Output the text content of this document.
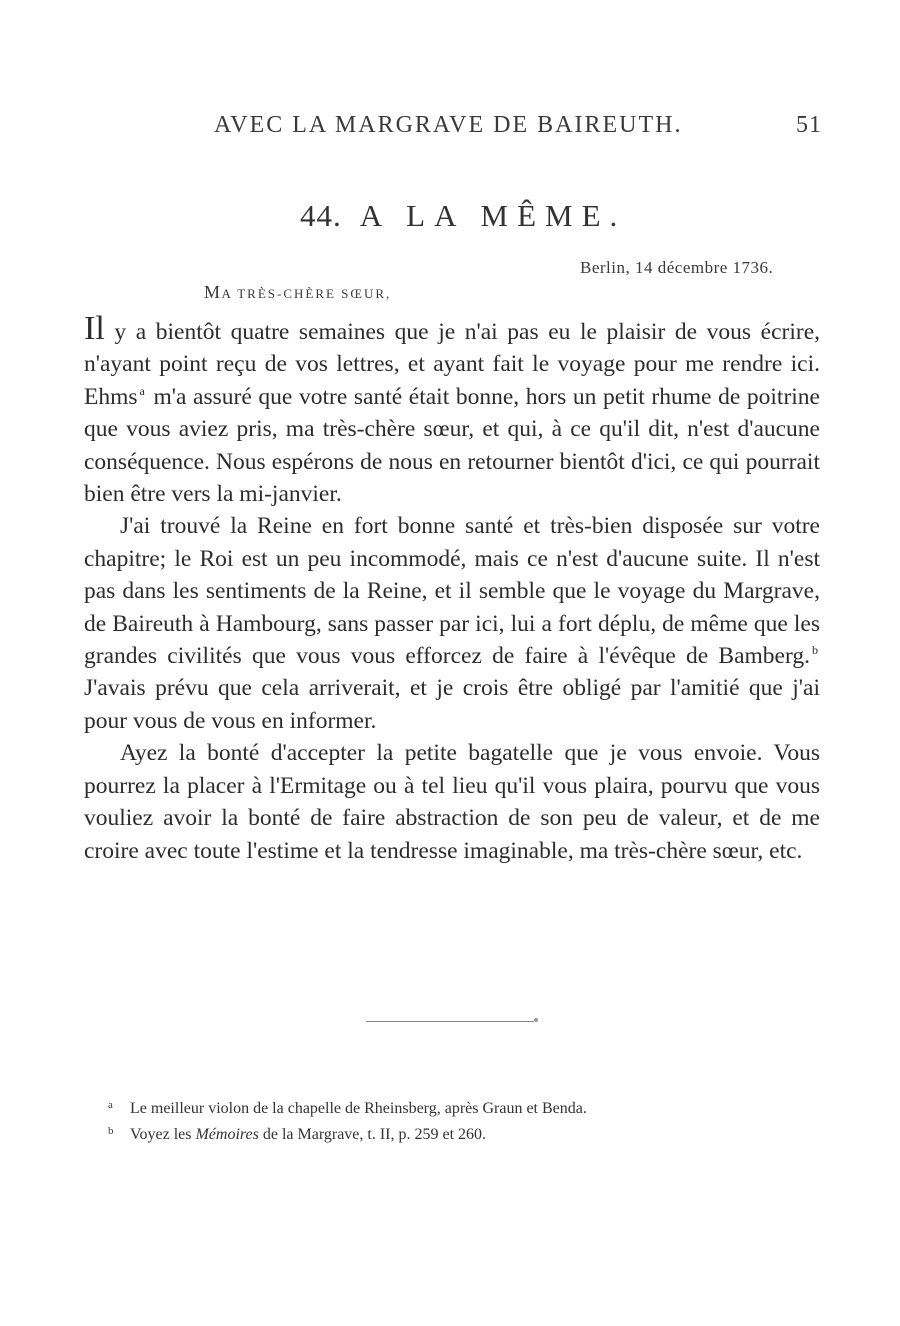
AVEC LA MARGRAVE DE BAIREUTH.	51
44. A LA MÊME.
Berlin, 14 décembre 1736.
MA TRÈS-CHÈRE SŒUR,

Il y a bientôt quatre semaines que je n'ai pas eu le plaisir de vous écrire, n'ayant point reçu de vos lettres, et ayant fait le voyage pour me rendre ici. Ehms $^a$ m'a assuré que votre santé était bonne, hors un petit rhume de poitrine que vous aviez pris, ma très-chère sœur, et qui, à ce qu'il dit, n'est d'aucune conséquence. Nous espérons de nous en retourner bientôt d'ici, ce qui pourrait bien être vers la mi-janvier.

J'ai trouvé la Reine en fort bonne santé et très-bien disposée sur votre chapitre; le Roi est un peu incommodé, mais ce n'est d'aucune suite. Il n'est pas dans les sentiments de la Reine, et il semble que le voyage du Margrave, de Baireuth à Hambourg, sans passer par ici, lui a fort déplu, de même que les grandes civilités que vous vous efforcez de faire à l'évêque de Bamberg. $^b$ J'avais prévu que cela arriverait, et je crois être obligé par l'amitié que j'ai pour vous de vous en informer.

Ayez la bonté d'accepter la petite bagatelle que je vous envoie. Vous pourrez la placer à l'Ermitage ou à tel lieu qu'il vous plaira, pourvu que vous vouliez avoir la bonté de faire abstraction de son peu de valeur, et de me croire avec toute l'estime et la tendresse imaginable, ma très-chère sœur, etc.

a Le meilleur violon de la chapelle de Rheinsberg, après Graun et Benda.

b Voyez les Mémoires de la Margrave, t. II, p. 259 et 260.
